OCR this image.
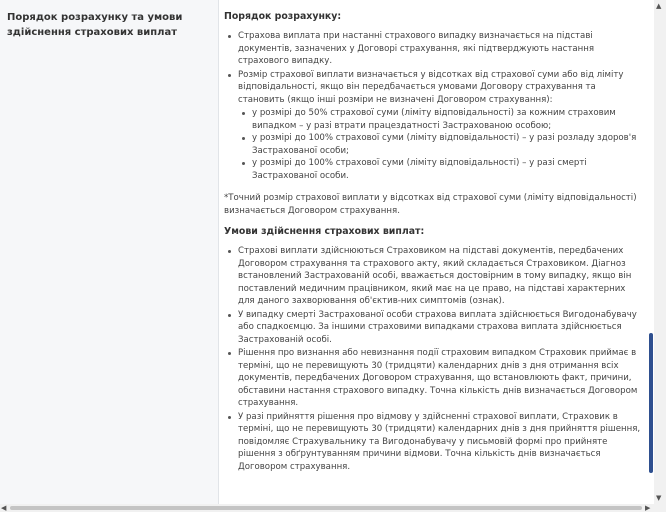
Порядок розрахунку та умови здійснення страхових виплат
Порядок розрахунку:
Страхова виплата при настанні страхового випадку визначається на підставі документів, зазначених у Договорі страхування, які підтверджують настання страхового випадку.
Розмір страхової виплати визначається у відсотках від страхової суми або від ліміту відповідальності, якщо він передбачається умовами Договору страхування та становить (якщо інші розміри не визначені Договором страхування):
у розмірі до 50% страхової суми (ліміту відповідальності) за кожним страховим випадком – у разі втрати працездатності Застрахованою особою;
у розмірі до 100% страхової суми (ліміту відповідальності) – у разі розладу здоров'я Застрахованої особи;
у розмірі до 100% страхової суми (ліміту відповідальності) – у разі смерті Застрахованої особи.
*Точний розмір страхової виплати у відсотках від страхової суми (ліміту відповідальності) визначається Договором страхування.
Умови здійснення страхових виплат:
Страхові виплати здійснюються Страховиком на підставі документів, передбачених Договором страхування та страхового акту, який складається Страховиком. Діагноз встановлений Застрахованій особі, вважається достовірним в тому випадку, якщо він поставлений медичним працівником, який має на це право, на підставі характерних для даного захворювання об'єктив-них симптомів (ознак).
У випадку смерті Застрахованої особи страхова виплата здійснюється Вигодонабувачу або спадкоємцю. За іншими страховими випадками страхова виплата здійснюється Застрахованій особі.
Рішення про визнання або невизнання події страховим випадком Страховик приймає в терміні, що не перевищують 30 (тридцяти) календарних днів з дня отримання всіх документів, передбачених Договором страхування, що встановлюють факт, причини, обставини настання страхового випадку. Точна кількість днів визначається Договором страхування.
У разі прийняття рішення про відмову у здійсненні страхової виплати, Страховик в терміні, що не перевищують 30 (тридцяти) календарних днів з дня прийняття рішення, повідомляє Страхувальнику та Вигодонабувачу у письмовій формі про прийняте рішення з обґрунтуванням причини відмови. Точна кількість днів визначається Договором страхування.
▲
▼
◀	▶
